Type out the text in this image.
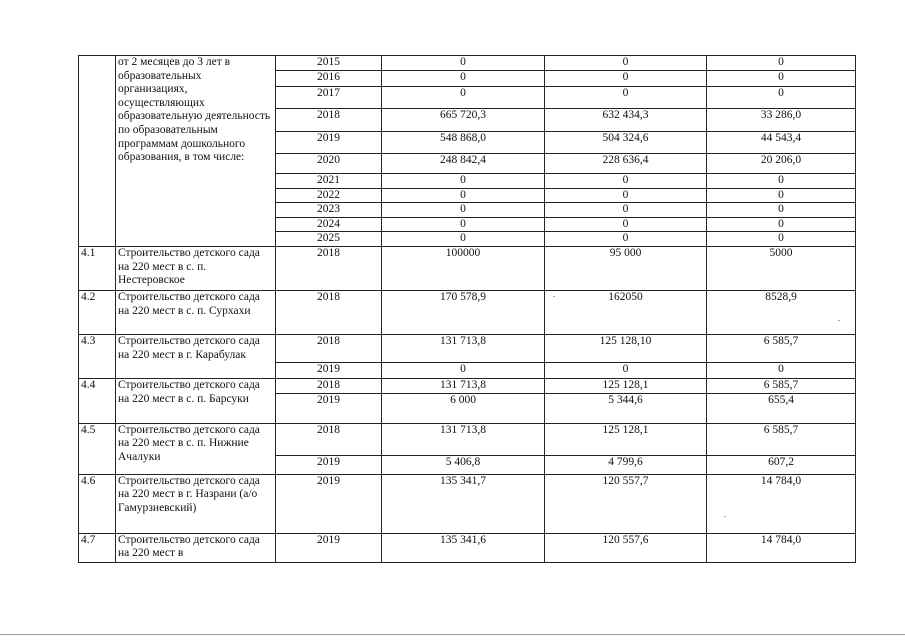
	от 2 месяцев до 3 лет в образовательных организациях, осуществляющих образовательную деятельность по образовательным программам дошкольного образования, в том числе:	2015	0	0	0
		2016	0	0	0
		2017	0	0	0
		2018	665 720,3	632 434,3	33 286,0
		2019	548 868,0	504 324,6	44 543,4
		2020	248 842,4	228 636,4	20 206,0
		2021	0	0	0
		2022	0	0	0
		2023	0	0	0
		2024	0	0	0
		2025	0	0	0
4.1	Строительство детского сада на 220 мест в с. п. Нестеровское	2018	100000	95 000	5000
4.2	Строительство детского сада на 220 мест в с. п. Сурхахи	2018	170 578,9	162050	8528,9
4.3	Строительство детского сада на 220 мест в г. Карабулак	2018	131 713,8	125 128,10	6 585,7
		2019	0	0	0
4.4	Строительство детского сада на 220 мест в с. п. Барсуки	2018	131 713,8	125 128,1	6 585,7
		2019	6 000	5 344,6	655,4
4.5	Строительство детского сада на 220 мест в с. п. Нижние Ачалуки	2018	131 713,8	125 128,1	6 585,7
		2019	5 406,8	4 799,6	607,2
4.6	Строительство детского сада на 220 мест в г. Назрани (а/о Гамурзиевский)	2019	135 341,7	120 557,7	14 784,0
4.7	Строительство детского сада на 220 мест в	2019	135 341,6	120 557,6	14 784,0
